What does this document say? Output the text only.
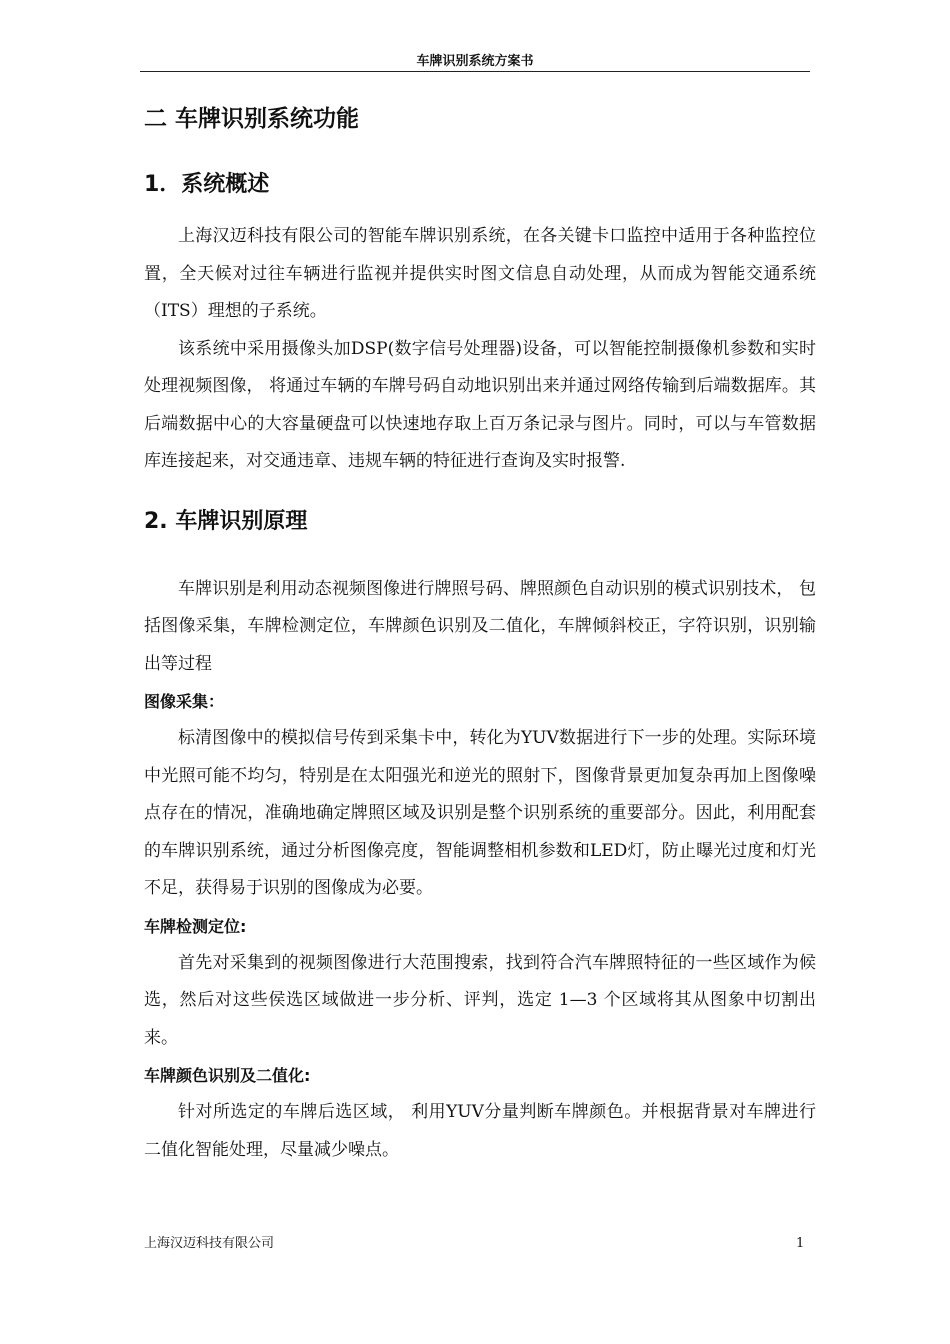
车牌识别系统方案书
二 车牌识别系统功能
1．系统概述

上海汉迈科技有限公司的智能车牌识别系统，在各关键卡口监控中适用于各种监控位置，全天候对过往车辆进行监视并提供实时图文信息自动处理，从而成为智能交通系统（ITS）理想的子系统。

该系统中采用摄像头加DSP(数字信号处理器)设备，可以智能控制摄像机参数和实时处理视频图像， 将通过车辆的车牌号码自动地识别出来并通过网络传输到后端数据库。其后端数据中心的大容量硬盘可以快速地存取上百万条记录与图片。同时，可以与车管数据库连接起来，对交通违章、违规车辆的特征进行查询及实时报警.

2. 车牌识别原理

车牌识别是利用动态视频图像进行牌照号码、牌照颜色自动识别的模式识别技术， 包括图像采集，车牌检测定位，车牌颜色识别及二值化，车牌倾斜校正，字符识别，识别输出等过程

图像采集：

标清图像中的模拟信号传到采集卡中，转化为YUV数据进行下一步的处理。实际环境中光照可能不均匀，特别是在太阳强光和逆光的照射下，图像背景更加复杂再加上图像噪点存在的情况，准确地确定牌照区域及识别是整个识别系统的重要部分。因此，利用配套的车牌识别系统，通过分析图像亮度，智能调整相机参数和LED灯，防止曝光过度和灯光不足，获得易于识别的图像成为必要。

车牌检测定位:

首先对采集到的视频图像进行大范围搜索，找到符合汽车牌照特征的一些区域作为候选，然后对这些侯选区域做进一步分析、评判，选定 1—3 个区域将其从图象中切割出来。

车牌颜色识别及二值化:

针对所选定的车牌后选区域， 利用YUV分量判断车牌颜色。并根据背景对车牌进行二值化智能处理，尽量减少噪点。

上海汉迈科技有限公司	1
